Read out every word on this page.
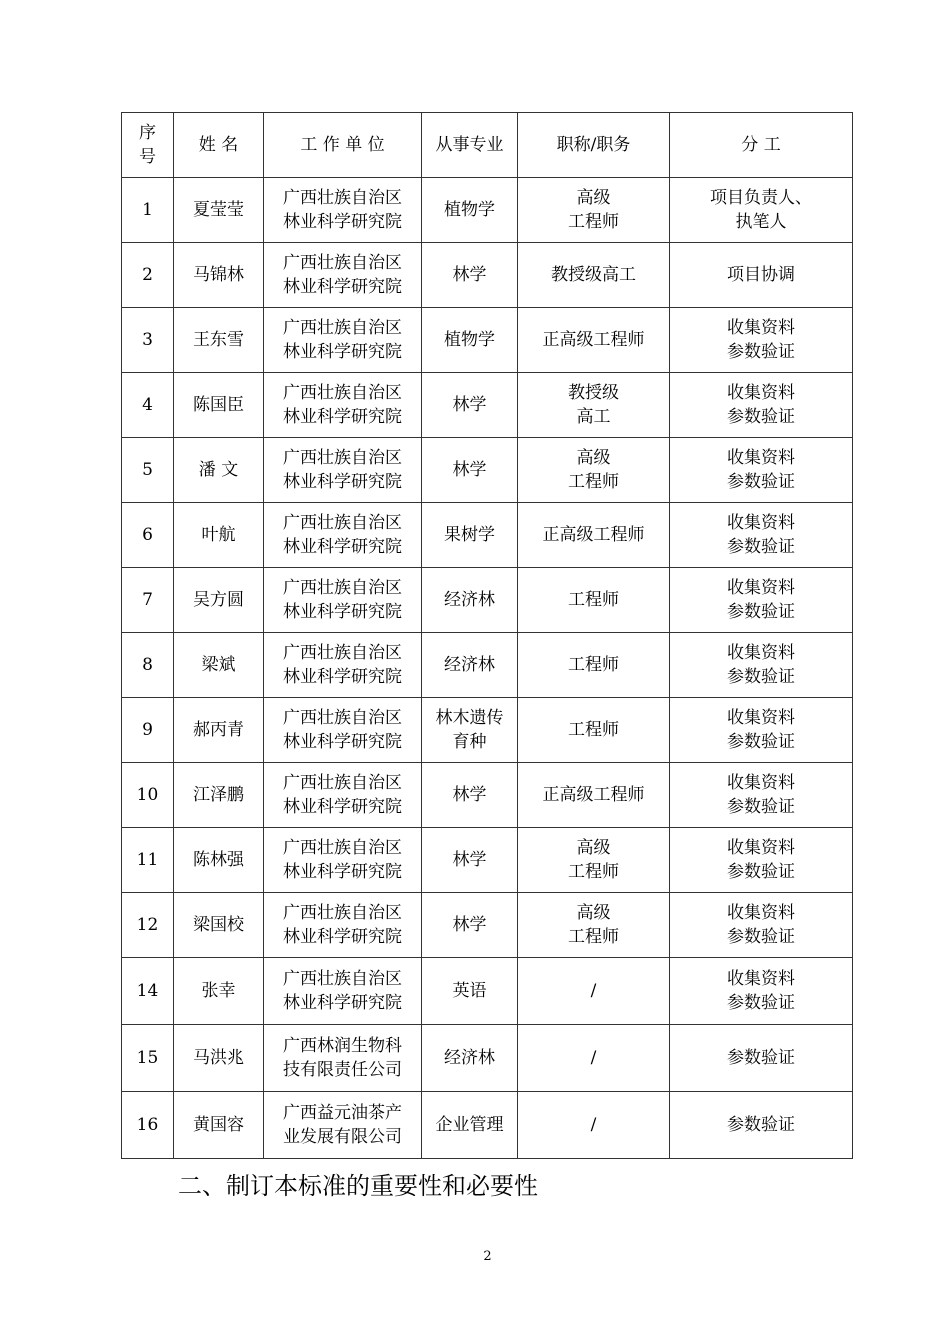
序
号	姓 名	工 作 单 位	从事专业	职称/职务	分 工
1	夏莹莹	广西壮族自治区
林业科学研究院	植物学	高级
工程师	项目负责人、
执笔人

2	马锦林	广西壮族自治区
林业科学研究院	林学	教授级高工	项目协调

3	王东雪	广西壮族自治区
林业科学研究院	植物学	正高级工程师	收集资料
参数验证

4	陈国臣	广西壮族自治区
林业科学研究院	林学	教授级
高工	收集资料
参数验证

5	潘 文	广西壮族自治区
林业科学研究院	林学	高级
工程师	收集资料
参数验证

6	叶航	广西壮族自治区
林业科学研究院	果树学	正高级工程师	收集资料
参数验证

7	吴方圆	广西壮族自治区
林业科学研究院	经济林	工程师	收集资料
参数验证

8	梁斌	广西壮族自治区
林业科学研究院	经济林	工程师	收集资料
参数验证

9	郝丙青	广西壮族自治区
林业科学研究院	林木遗传
育种	工程师	收集资料
参数验证

10	江泽鹏	广西壮族自治区
林业科学研究院	林学	正高级工程师	收集资料
参数验证

11	陈林强	广西壮族自治区
林业科学研究院	林学	高级
工程师	收集资料
参数验证

12	梁国校	广西壮族自治区
林业科学研究院	林学	高级
工程师	收集资料
参数验证

14	张幸	广西壮族自治区
林业科学研究院	英语	/	收集资料
参数验证

15	马洪兆	广西林润生物科
技有限责任公司	经济林	/	参数验证

16	黄国容	广西益元油茶产
业发展有限公司	企业管理	/	参数验证
二、制订本标准的重要性和必要性
2
